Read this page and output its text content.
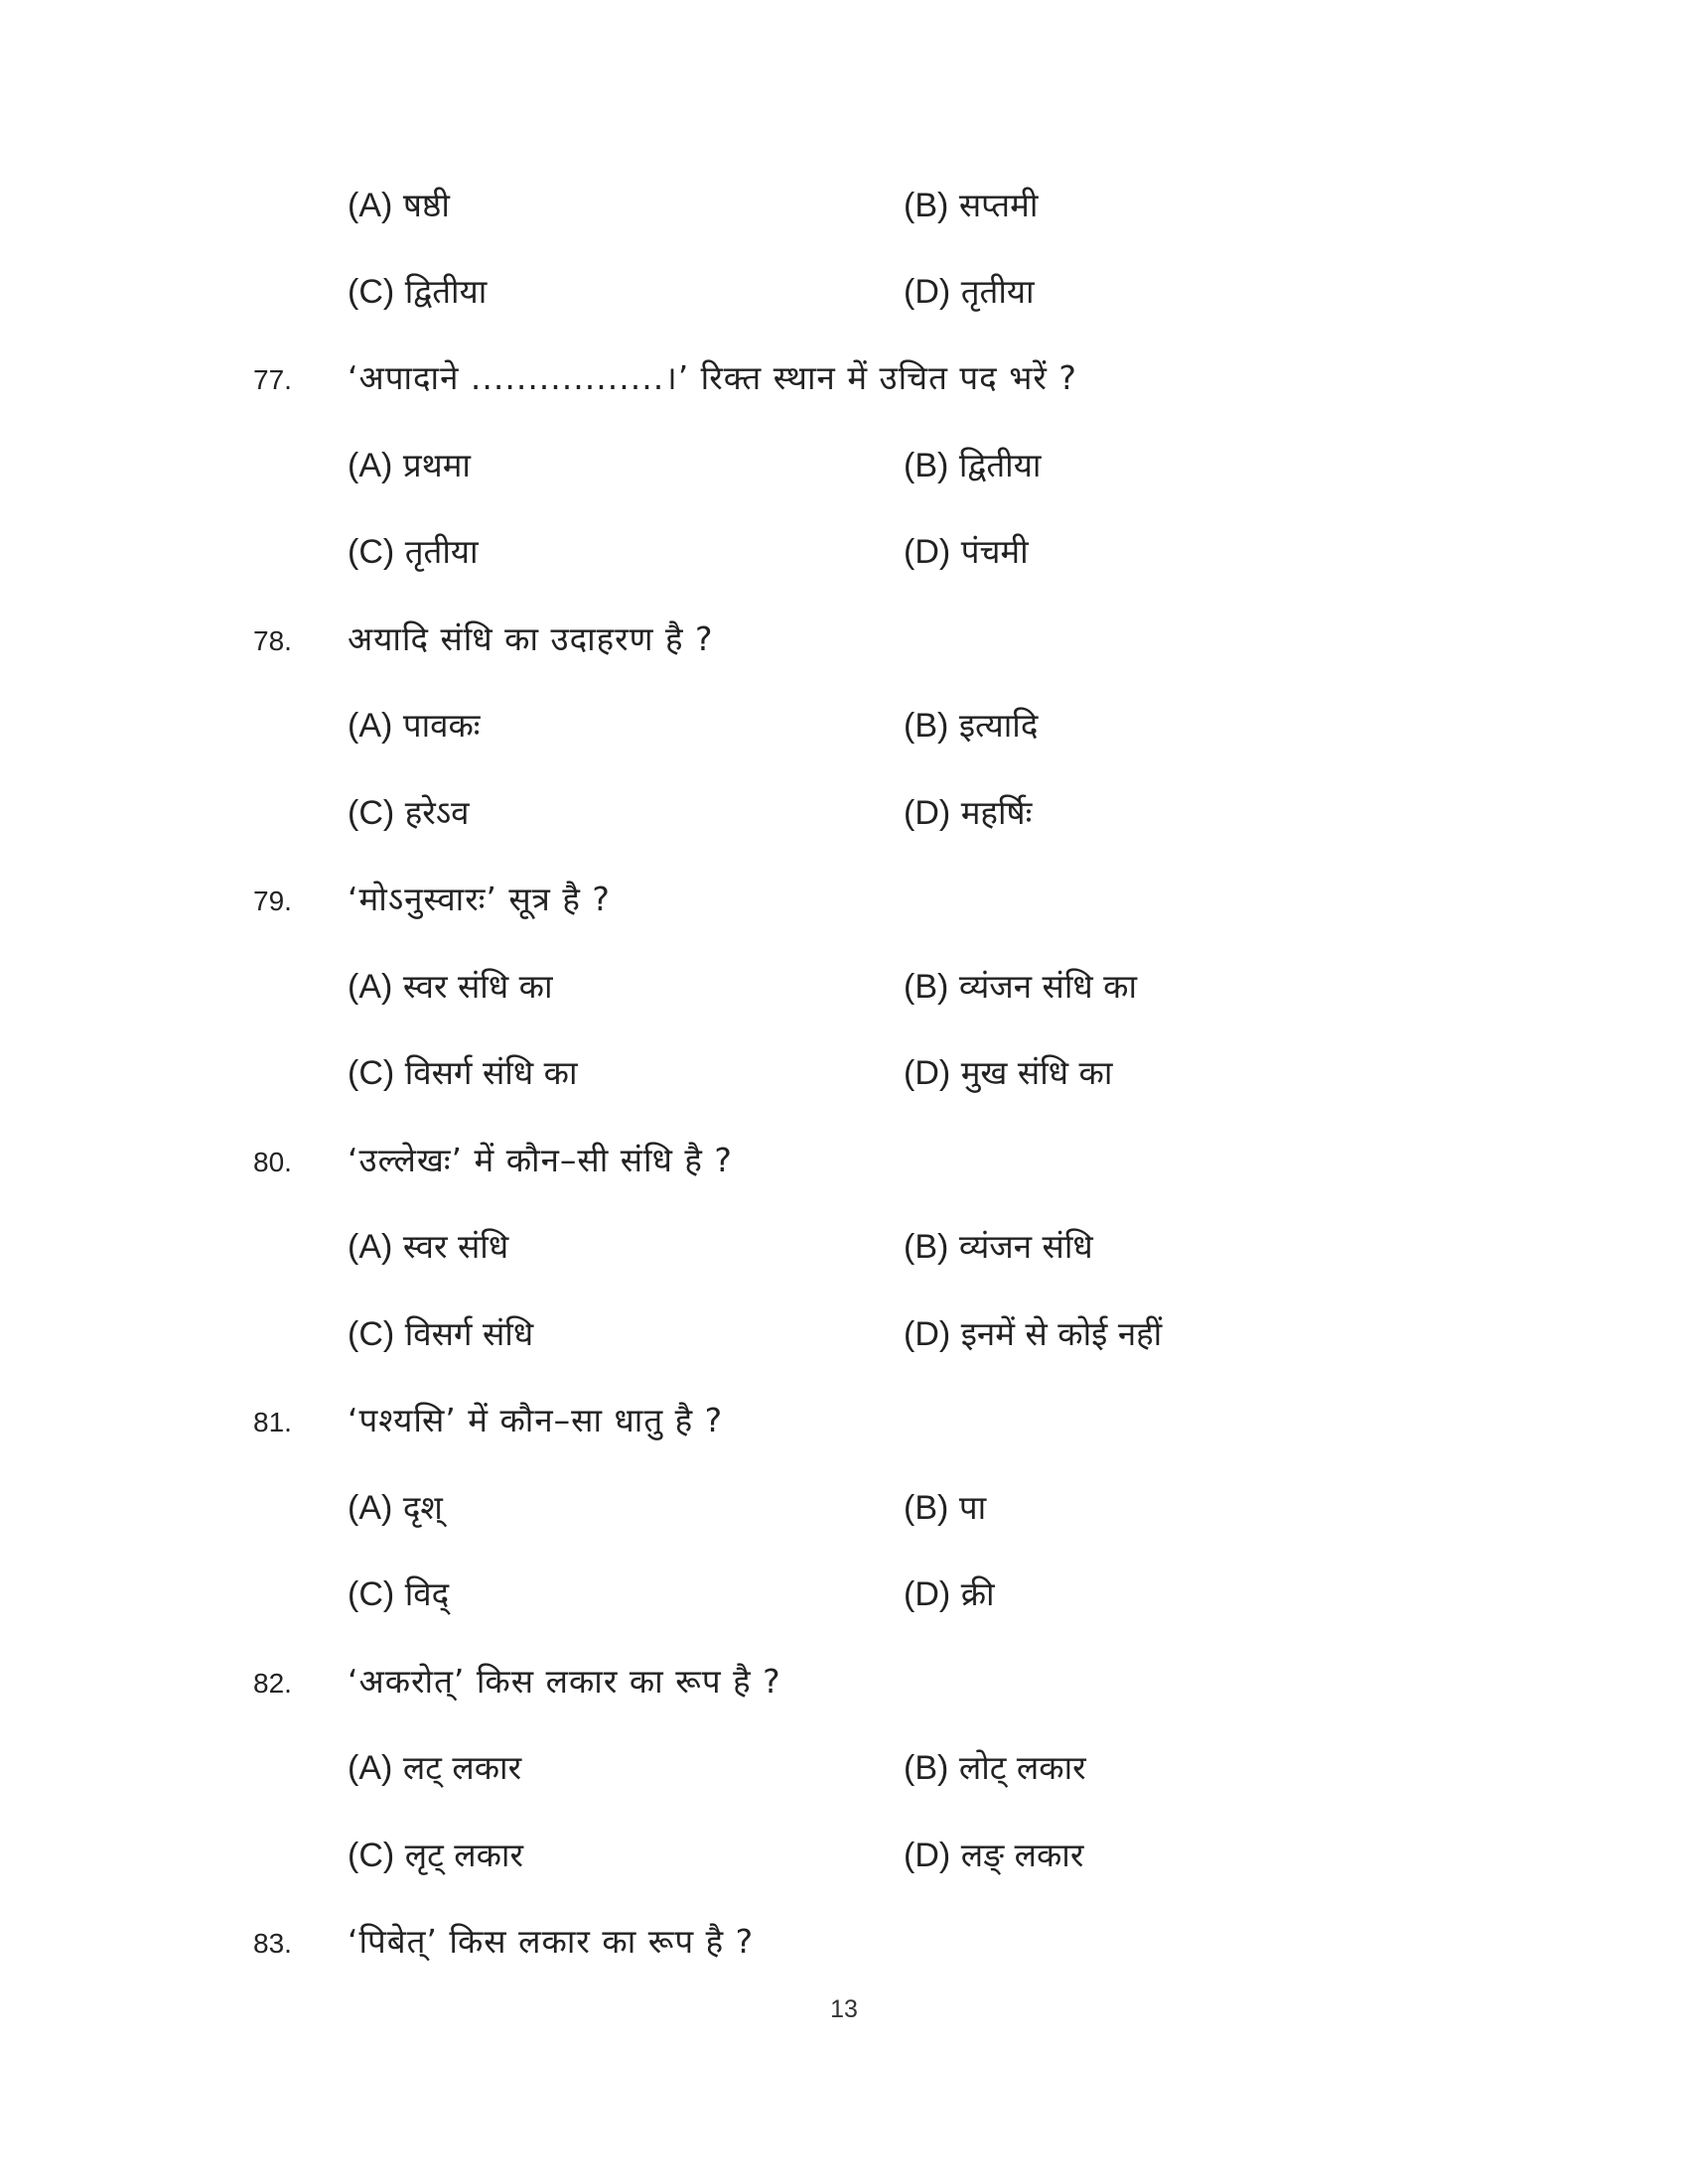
(A) षष्ठी	(B) सप्तमी
(C) द्वितीया	(D) तृतीया
77. ‘अपादाने .................।’ रिक्त स्थान में उचित पद भरें ?
(A) प्रथमा	(B) द्वितीया
(C) तृतीया	(D) पंचमी
78. अयादि संधि का उदाहरण है ?
(A) पावकः	(B) इत्यादि
(C) हरेऽव	(D) महर्षिः
79. ‘मोऽनुस्वारः’ सूत्र है ?
(A) स्वर संधि का	(B) व्यंजन संधि का
(C) विसर्ग संधि का	(D) मुख संधि का
80. ‘उल्लेखः’ में कौन–सी संधि है ?
(A) स्वर संधि	(B) व्यंजन संधि
(C) विसर्ग संधि	(D) इनमें से कोई नहीं
81. ‘पश्यसि’ में कौन–सा धातु है ?
(A) दृश्	(B) पा
(C) विद्	(D) क्री
82. ‘अकरोत्’ किस लकार का रूप है ?
(A) लट् लकार	(B) लोट् लकार
(C) लृट् लकार	(D) लङ् लकार
83. ‘पिबेत्’ किस लकार का रूप है ?
13
